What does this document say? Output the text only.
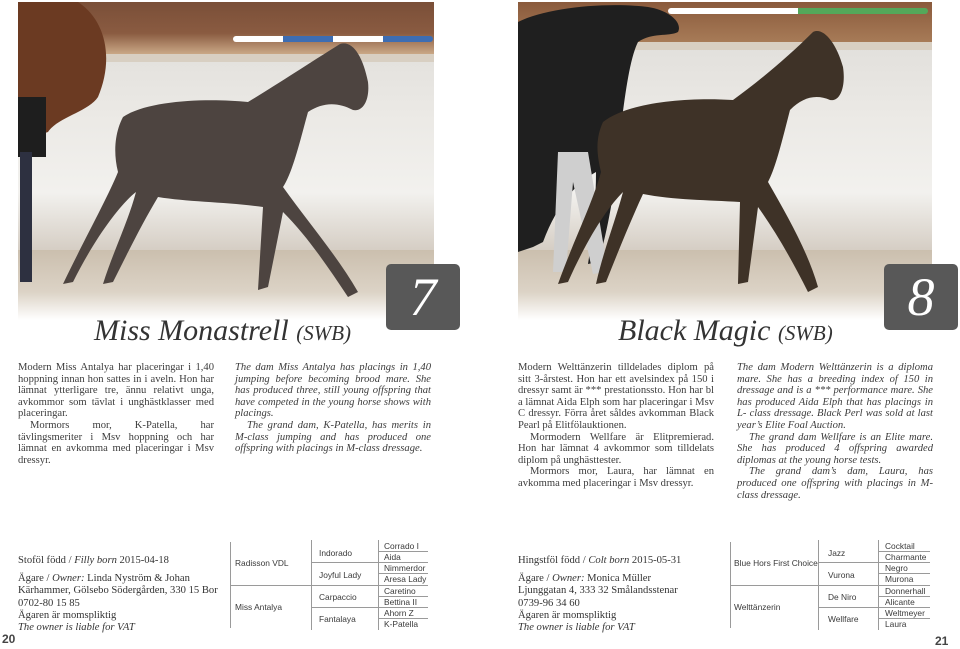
7
Miss Monastrell (SWB)

Modern Miss Antalya har placeringar i 1,40 hoppning innan hon sattes in i aveln. Hon har lämnat ytterligare tre, ännu relativt unga, avkommor som tävlat i unghästklasser med placeringar.

Mormors mor, K-Patella, har tävlingsmeriter i Msv hoppning och har lämnat en avkomma med placeringar i Msv dressyr.

The dam Miss Antalya has placings in 1,40 jumping before becoming brood mare. She has produced three, still young offspring that have competed in the young horse shows with placings.

The grand dam, K-Patella, has merits in M-class jumping and has produced one offspring with placings in M-class dressage.

Stoföl född / Filly born 2015-04-18
Ägare / Owner: Linda Nyström & Johan
Kärhammer, Gölsebo Södergården, 330 15 Bor
0702-80 15 85
Ägaren är momspliktig
The owner is liable for VAT
Radisson VDL
Miss Antalya
Indorado
Joyful Lady
Carpaccio
Fantalaya
Corrado I
Aida
Nimmerdor
Aresa Lady
Caretino
Bettina II
Ahorn Z
K-Patella
20
8
Black Magic (SWB)

Modern Welttänzerin tilldelades diplom på sitt 3-årstest. Hon har ett avelsindex på 150 i dressyr samt är *** prestationssto. Hon har bl a lämnat Aida Elph som har placeringar i Msv C dressyr. Förra året såldes avkomman Black Pearl på Elitfölauktionen.

Mormodern Wellfare är Elitpremierad. Hon har lämnat 4 avkommor som tilldelats diplom på unghästtester.

Mormors mor, Laura, har lämnat en avkomma med placeringar i Msv dressyr.

The dam Modern Welttänzerin is a diploma mare. She has a breeding index of 150 in dressage and is a *** performance mare. She has produced Aida Elph that has placings in L- class dressage. Black Perl was sold at last year’s Elite Foal Auction.

The grand dam Wellfare is an Elite mare. She has produced 4 offspring awarded diplomas at the young horse tests.

The grand dam’s dam, Laura, has produced one offspring with placings in M-class dressage.

Hingstföl född / Colt born 2015-05-31
Ägare / Owner: Monica Müller
Ljunggatan 4, 333 32 Smålandsstenar
0739-96 34 60
Ägaren är momspliktig
The owner is liable for VAT
Blue Hors First Choice
Welttänzerin
Jazz
Vurona
De Niro
Wellfare
Cocktail
Charmante
Negro
Murona
Donnerhall
Alicante
Weltmeyer
Laura
21
